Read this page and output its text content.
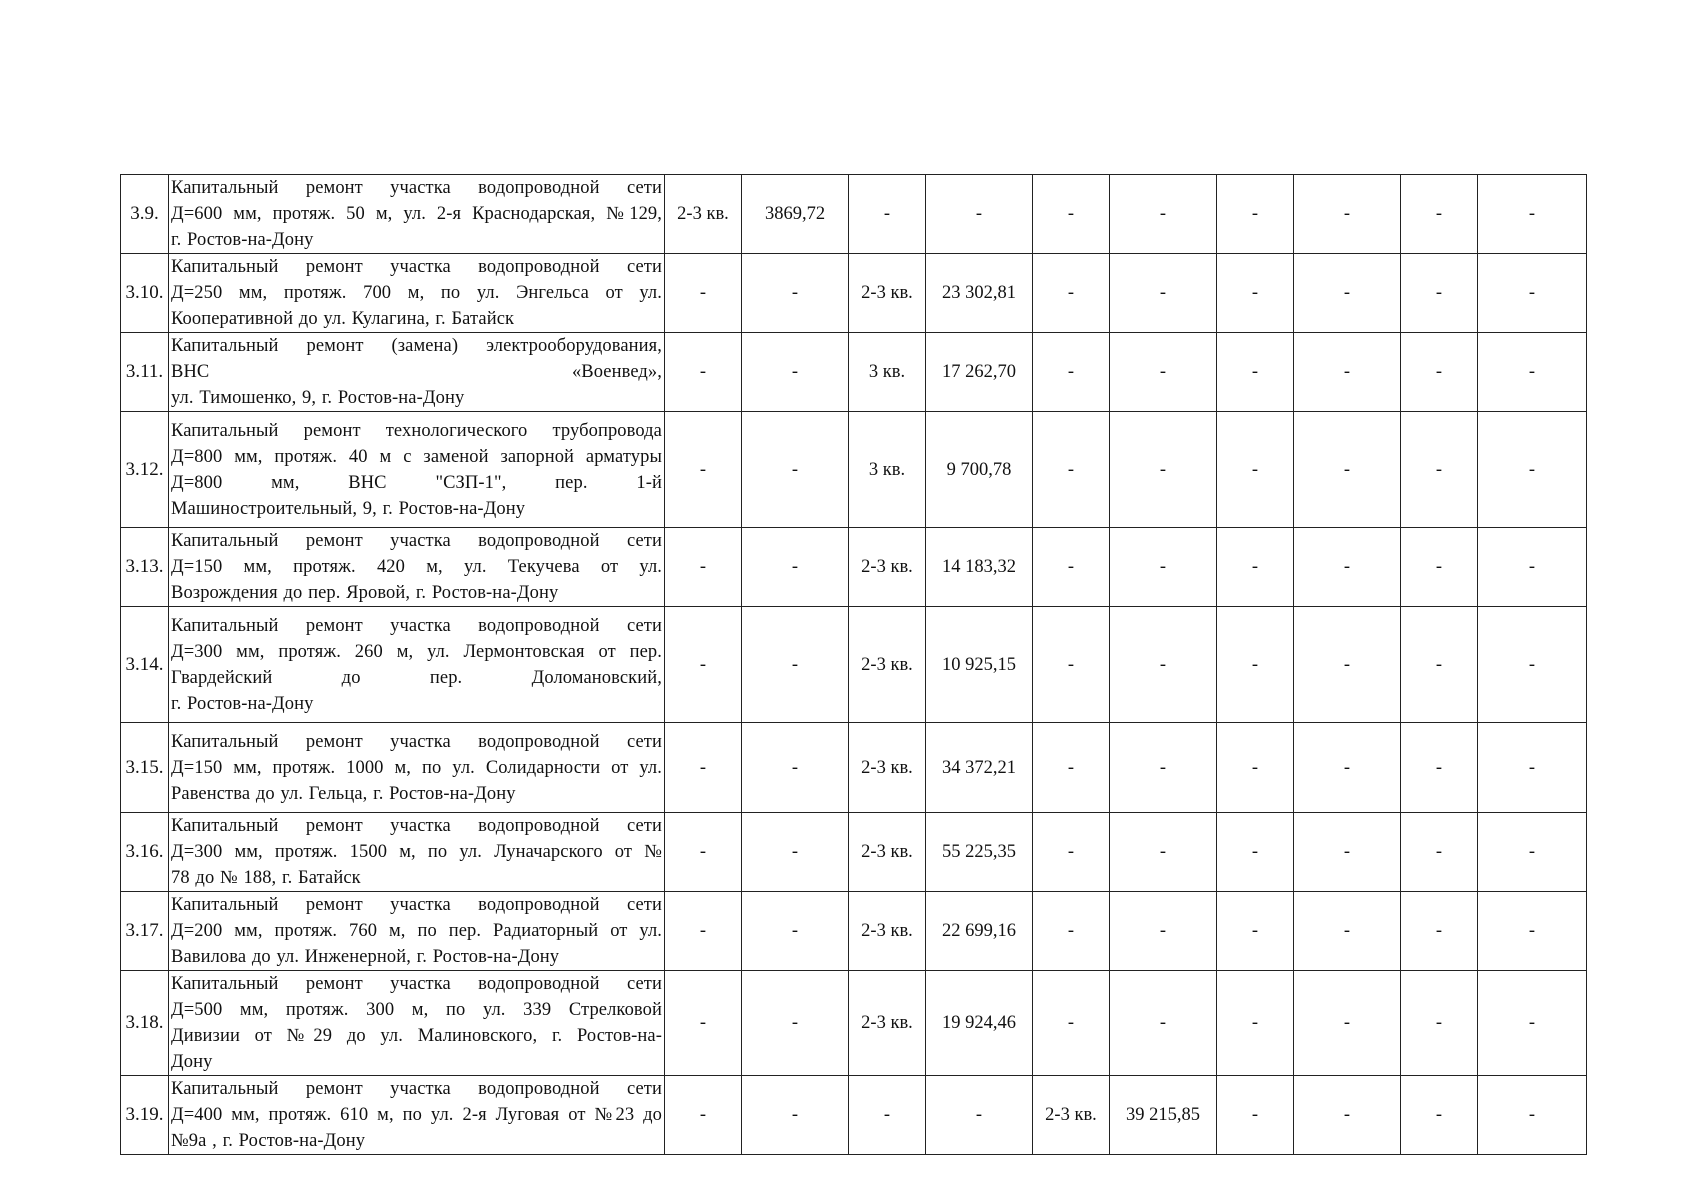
3.9.	Капитальный ремонт участка водопроводной сети
Д=600 мм, протяж. 50 м, ул. 2-я Краснодарская, №129,
г. Ростов-на-Дону	2-3 кв.	3869,72	-	-	-	-	-	-	-	-
3.10.	Капитальный ремонт участка водопроводной сети
Д=250 мм, протяж. 700 м, по ул. Энгельса от ул.
Кооперативной до ул. Кулагина, г. Батайск	-	-	2-3 кв.	23 302,81	-	-	-	-	-	-
3.11.	Капитальный ремонт (замена) электрооборудования,
ВНС «Военвед»,
ул. Тимошенко, 9, г. Ростов-на-Дону	-	-	3 кв.	17 262,70	-	-	-	-	-	-
3.12.	Капитальный ремонт технологического трубопровода
Д=800 мм, протяж. 40 м с заменой запорной арматуры
Д=800 мм, ВНС "СЗП-1", пер. 1-й
Машиностроительный, 9, г. Ростов-на-Дону	-	-	3 кв.	9 700,78	-	-	-	-	-	-
3.13.	Капитальный ремонт участка водопроводной сети
Д=150 мм, протяж. 420 м, ул. Текучева от ул.
Возрождения до пер. Яровой, г. Ростов-на-Дону	-	-	2-3 кв.	14 183,32	-	-	-	-	-	-
3.14.	Капитальный ремонт участка водопроводной сети
Д=300 мм, протяж. 260 м, ул. Лермонтовская от пер.
Гвардейский до пер. Доломановский,
г. Ростов-на-Дону	-	-	2-3 кв.	10 925,15	-	-	-	-	-	-
3.15.	Капитальный ремонт участка водопроводной сети
Д=150 мм, протяж. 1000 м, по ул. Солидарности от ул.
Равенства до ул. Гельца, г. Ростов-на-Дону	-	-	2-3 кв.	34 372,21	-	-	-	-	-	-
3.16.	Капитальный ремонт участка водопроводной сети
Д=300 мм, протяж. 1500 м, по ул. Луначарского от №
78 до № 188, г. Батайск	-	-	2-3 кв.	55 225,35	-	-	-	-	-	-
3.17.	Капитальный ремонт участка водопроводной сети
Д=200 мм, протяж. 760 м, по пер. Радиаторный от ул.
Вавилова до ул. Инженерной, г. Ростов-на-Дону	-	-	2-3 кв.	22 699,16	-	-	-	-	-	-
3.18.	Капитальный ремонт участка водопроводной сети
Д=500 мм, протяж. 300 м, по ул. 339 Стрелковой
Дивизии от №29 до ул. Малиновского, г. Ростов-на-
Дону	-	-	2-3 кв.	19 924,46	-	-	-	-	-	-
3.19.	Капитальный ремонт участка водопроводной сети
Д=400 мм, протяж. 610 м, по ул. 2-я Луговая от №23 до
№9а , г. Ростов-на-Дону	-	-	-	-	2-3 кв.	39 215,85	-	-	-	-
